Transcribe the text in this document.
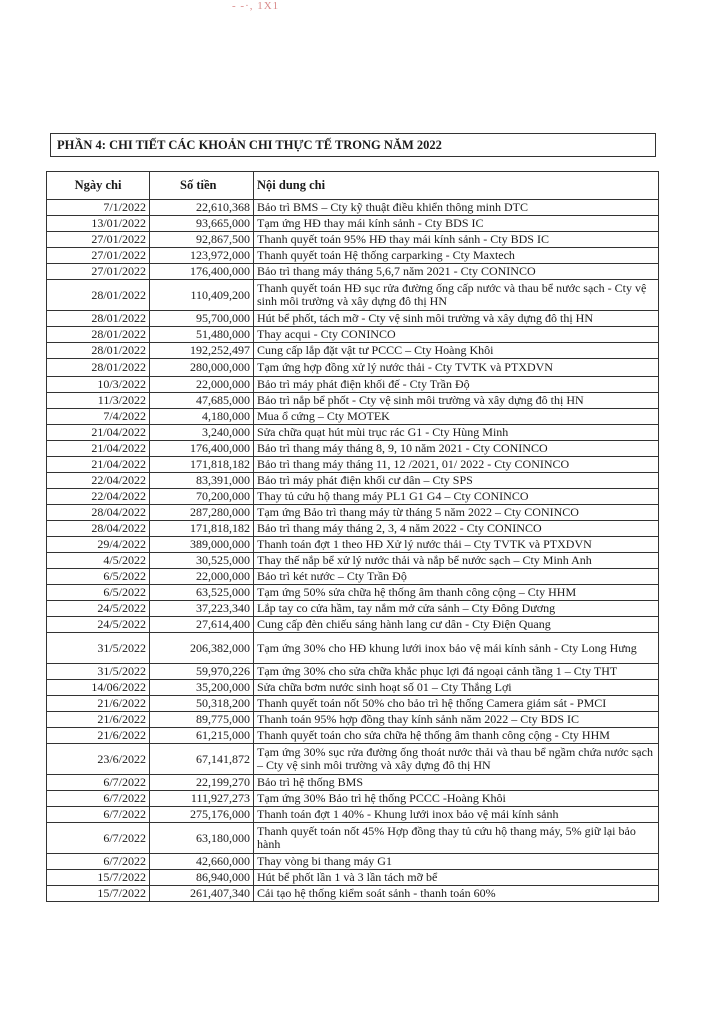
- -·, 1X1
PHẦN 4: CHI TIẾT CÁC KHOẢN CHI THỰC TẾ TRONG NĂM 2022
Ngày chi	Số tiền	Nội dung chi
7/1/2022	22,610,368	Bảo trì BMS – Cty kỹ thuật điều khiển thông minh DTC
13/01/2022	93,665,000	Tạm ứng HĐ thay mái kính sảnh - Cty BDS IC
27/01/2022	92,867,500	Thanh quyết toán 95% HĐ thay mái kính sảnh - Cty BDS IC
27/01/2022	123,972,000	Thanh quyết toán Hệ thống carparking - Cty Maxtech
27/01/2022	176,400,000	Bảo trì thang máy tháng 5,6,7 năm 2021 - Cty CONINCO
28/01/2022	110,409,200	Thanh quyết toán HĐ sục rửa đường ống cấp nước và thau bể nước sạch - Cty vệ sinh môi trường và xây dựng đô thị HN
28/01/2022	95,700,000	Hút bể phốt, tách mỡ - Cty vệ sinh môi trường và xây dựng đô thị HN
28/01/2022	51,480,000	Thay acqui - Cty CONINCO
28/01/2022	192,252,497	Cung cấp lắp đặt vật tư PCCC – Cty Hoàng Khôi
28/01/2022	280,000,000	Tạm ứng hợp đồng xử lý nước thải - Cty TVTK và PTXDVN
10/3/2022	22,000,000	Bảo trì máy phát điện khối đế - Cty Trần Độ
11/3/2022	47,685,000	Bảo trì nắp bể phốt - Cty vệ sinh môi trường và xây dựng đô thị HN
7/4/2022	4,180,000	Mua ổ cứng – Cty MOTEK
21/04/2022	3,240,000	Sửa chữa quạt hút mùi trục rác G1 - Cty Hùng Minh
21/04/2022	176,400,000	Bảo trì thang máy tháng 8, 9, 10 năm 2021 - Cty CONINCO
21/04/2022	171,818,182	Bảo trì thang máy tháng 11, 12 /2021, 01/ 2022 - Cty CONINCO
22/04/2022	83,391,000	Bảo trì máy phát điện khối cư dân – Cty SPS
22/04/2022	70,200,000	Thay tủ cứu hộ thang máy PL1 G1 G4 – Cty CONINCO
28/04/2022	287,280,000	Tạm ứng Bảo trì thang máy từ tháng 5 năm 2022 – Cty CONINCO
28/04/2022	171,818,182	Bảo trì thang máy tháng 2, 3, 4 năm 2022 - Cty CONINCO
29/4/2022	389,000,000	Thanh toán đợt 1 theo HĐ Xử lý nước thải – Cty TVTK và PTXDVN
4/5/2022	30,525,000	Thay thế nắp bể xử lý nước thải và nắp bể nước sạch – Cty Minh Anh
6/5/2022	22,000,000	Bảo trì két nước – Cty Trần Độ
6/5/2022	63,525,000	Tạm ứng 50% sửa chữa hệ thống âm thanh công cộng – Cty HHM
24/5/2022	37,223,340	Lắp tay co cửa hầm, tay nắm mở cửa sảnh – Cty Đông Dương
24/5/2022	27,614,400	Cung cấp đèn chiếu sáng hành lang cư dân - Cty Điện Quang
31/5/2022	206,382,000	Tạm ứng 30% cho HĐ khung lưới inox bảo vệ mái kính sảnh - Cty Long Hưng
31/5/2022	59,970,226	Tạm ứng 30% cho sửa chữa khắc phục lợi đá ngoại cảnh tầng 1 – Cty THT
14/06/2022	35,200,000	Sửa chữa bơm nước sinh hoạt số 01 – Cty Thắng Lợi
21/6/2022	50,318,200	Thanh quyết toán nốt 50% cho bảo trì hệ thống Camera giám sát - PMCI
21/6/2022	89,775,000	Thanh toán 95% hợp đồng thay kính sảnh năm 2022 – Cty BDS IC
21/6/2022	61,215,000	Thanh quyết toán cho sửa chữa hệ thống âm thanh công cộng - Cty HHM
23/6/2022	67,141,872	Tạm ứng 30% sục rửa đường ống thoát nước thải và thau bể ngầm chứa nước sạch – Cty vệ sinh môi trường và xây dựng đô thị HN
6/7/2022	22,199,270	Bảo trì hệ thống BMS
6/7/2022	111,927,273	Tạm ứng 30% Bảo trì hệ thống PCCC -Hoàng Khôi
6/7/2022	275,176,000	Thanh toán đợt 1 40% - Khung lưới inox bảo vệ mái kính sảnh
6/7/2022	63,180,000	Thanh quyết toán nốt 45% Hợp đồng thay tủ cứu hộ thang máy, 5% giữ lại bảo hành
6/7/2022	42,660,000	Thay vòng bi thang máy G1
15/7/2022	86,940,000	Hút bể phốt lần 1 và 3 lần tách mỡ bể
15/7/2022	261,407,340	Cải tạo hệ thống kiểm soát sảnh - thanh toán 60%
